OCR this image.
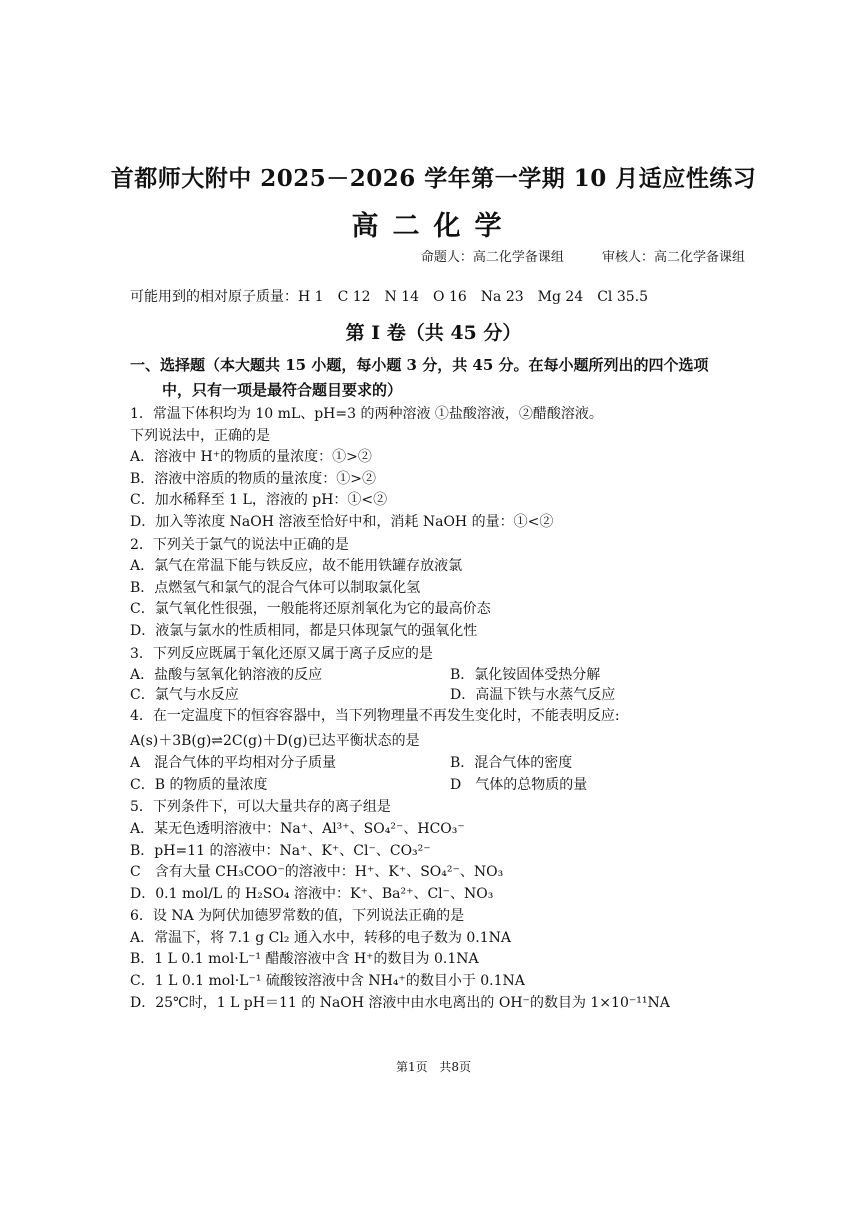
首都师大附中 2025－2026 学年第一学期 10 月适应性练习
高二化学
命题人：高二化学备课组	审核人：高二化学备课组
可能用到的相对原子质量：H 1　C 12　N 14　O 16　Na 23　Mg 24　Cl 35.5
第 I 卷（共 45 分）
一、选择题（本大题共 15 小题，每小题 3 分，共 45 分。在每小题所列出的四个选项
中，只有一项是最符合题目要求的）
1．常温下体积均为 10 mL、pH=3 的两种溶液 ①盐酸溶液，②醋酸溶液。
下列说法中，正确的是
A．溶液中 H⁺的物质的量浓度：①>②
B．溶液中溶质的物质的量浓度：①>②
C．加水稀释至 1 L，溶液的 pH：①<②
D．加入等浓度 NaOH 溶液至恰好中和，消耗 NaOH 的量：①<②
2．下列关于氯气的说法中正确的是
A．氯气在常温下能与铁反应，故不能用铁罐存放液氯
B．点燃氢气和氯气的混合气体可以制取氯化氢
C．氯气氧化性很强，一般能将还原剂氧化为它的最高价态
D．液氯与氯水的性质相同，都是只体现氯气的强氧化性
3．下列反应既属于氧化还原又属于离子反应的是
A．盐酸与氢氧化钠溶液的反应	B．氯化铵固体受热分解
C．氯气与水反应	D．高温下铁与水蒸气反应
4．在一定温度下的恒容容器中，当下列物理量不再发生变化时，不能表明反应:
A(s)＋3B(g)⇌2C(g)＋D(g)已达平衡状态的是
A　混合气体的平均相对分子质量	B．混合气体的密度
C．B 的物质的量浓度	D　气体的总物质的量
5．下列条件下，可以大量共存的离子组是
A．某无色透明溶液中：Na⁺、Al³⁺、SO₄²⁻、HCO₃⁻
B．pH=11 的溶液中：Na⁺、K⁺、Cl⁻、CO₃²⁻
C　含有大量 CH₃COO⁻的溶液中：H⁺、K⁺、SO₄²⁻、NO₃
D．0.1 mol/L 的 H₂SO₄ 溶液中：K⁺、Ba²⁺、Cl⁻、NO₃
6．设 NA 为阿伏加德罗常数的值，下列说法正确的是
A．常温下，将 7.1 g Cl₂ 通入水中，转移的电子数为 0.1NA
B．1 L 0.1 mol·L⁻¹ 醋酸溶液中含 H⁺的数目为 0.1NA
C．1 L 0.1 mol·L⁻¹ 硫酸铵溶液中含 NH₄⁺的数目小于 0.1NA
D．25℃时，1 L pH＝11 的 NaOH 溶液中由水电离出的 OH⁻的数目为 1×10⁻¹¹NA
第1页 共8页
